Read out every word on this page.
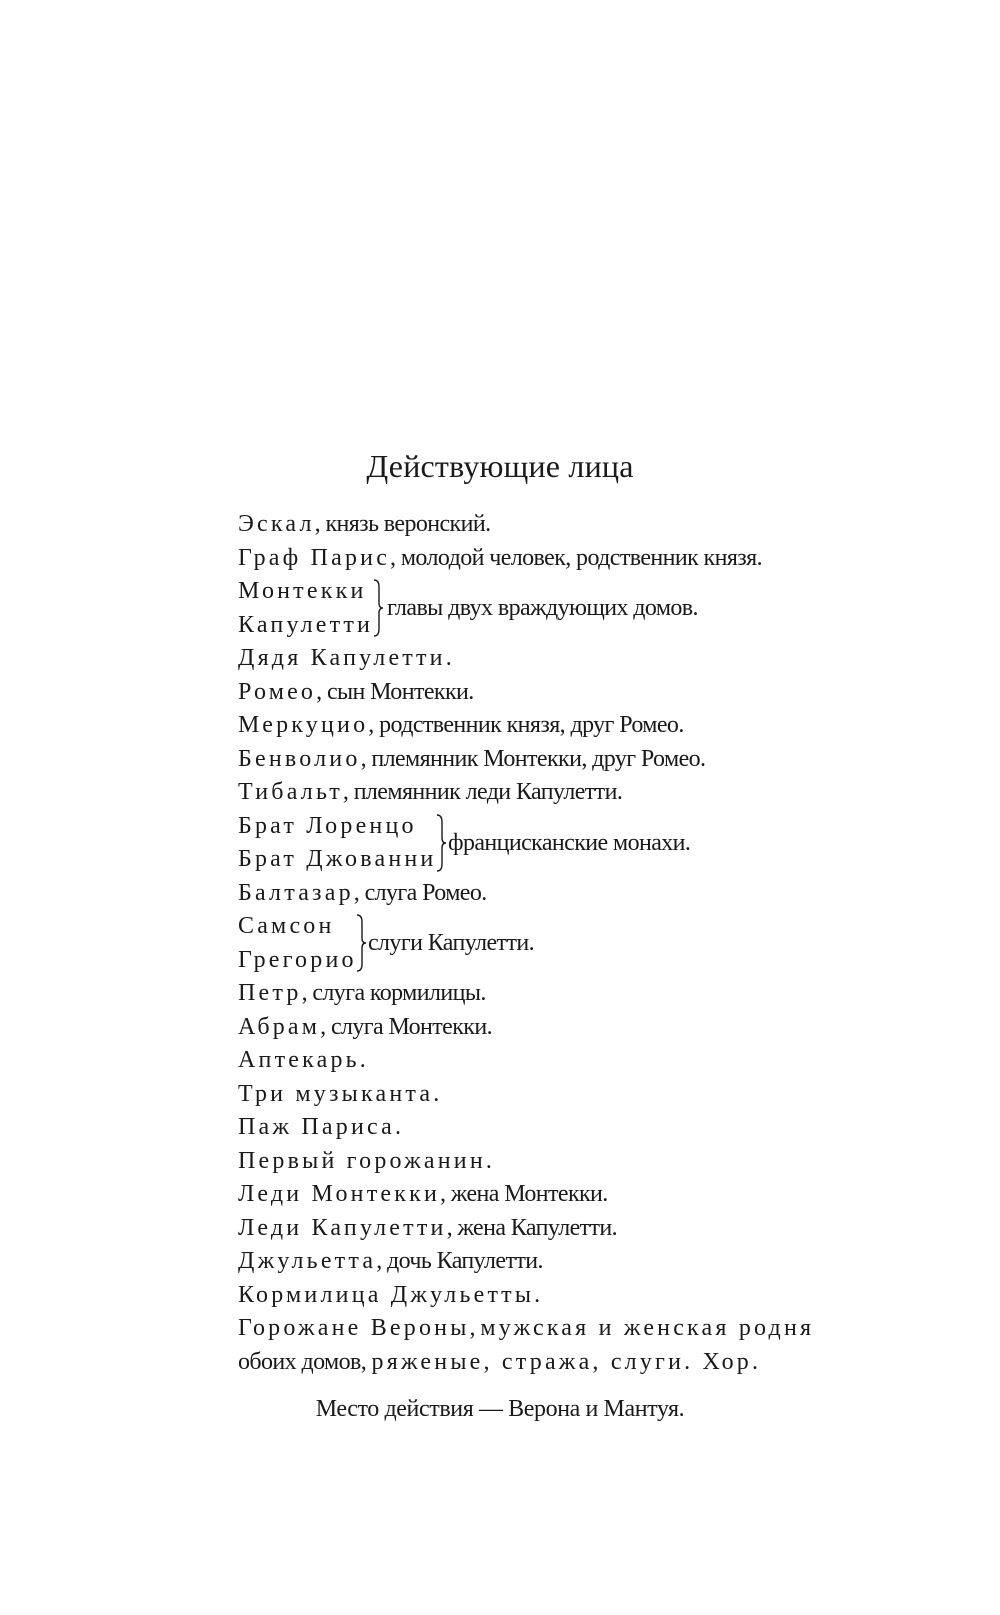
Действующие лица
Эскал, князь веронский.
Граф Парис, молодой человек, родственник князя.
Монтекки
Капулетти
главы двух враждующих домов.
Дядя Капулетти.
Ромео, сын Монтекки.
Меркуцио, родственник князя, друг Ромео.
Бенволио, племянник Монтекки, друг Ромео.
Тибальт, племянник леди Капулетти.
Брат Лоренцо
Брат Джованни
францисканские монахи.
Балтазар, слуга Ромео.
Самсон
Грегорио
слуги Капулетти.
Петр, слуга кормилицы.
Абрам, слуга Монтекки.
Аптекарь.
Три музыканта.
Паж Париса.
Первый горожанин.
Леди Монтекки, жена Монтекки.
Леди Капулетти, жена Капулетти.
Джульетта, дочь Капулетти.
Кормилица Джульетты.
Горожане Вероны, мужская и женская родня
обоих домов, ряженые, стража, слуги. Хор.
Место действия — Верона и Мантуя.
